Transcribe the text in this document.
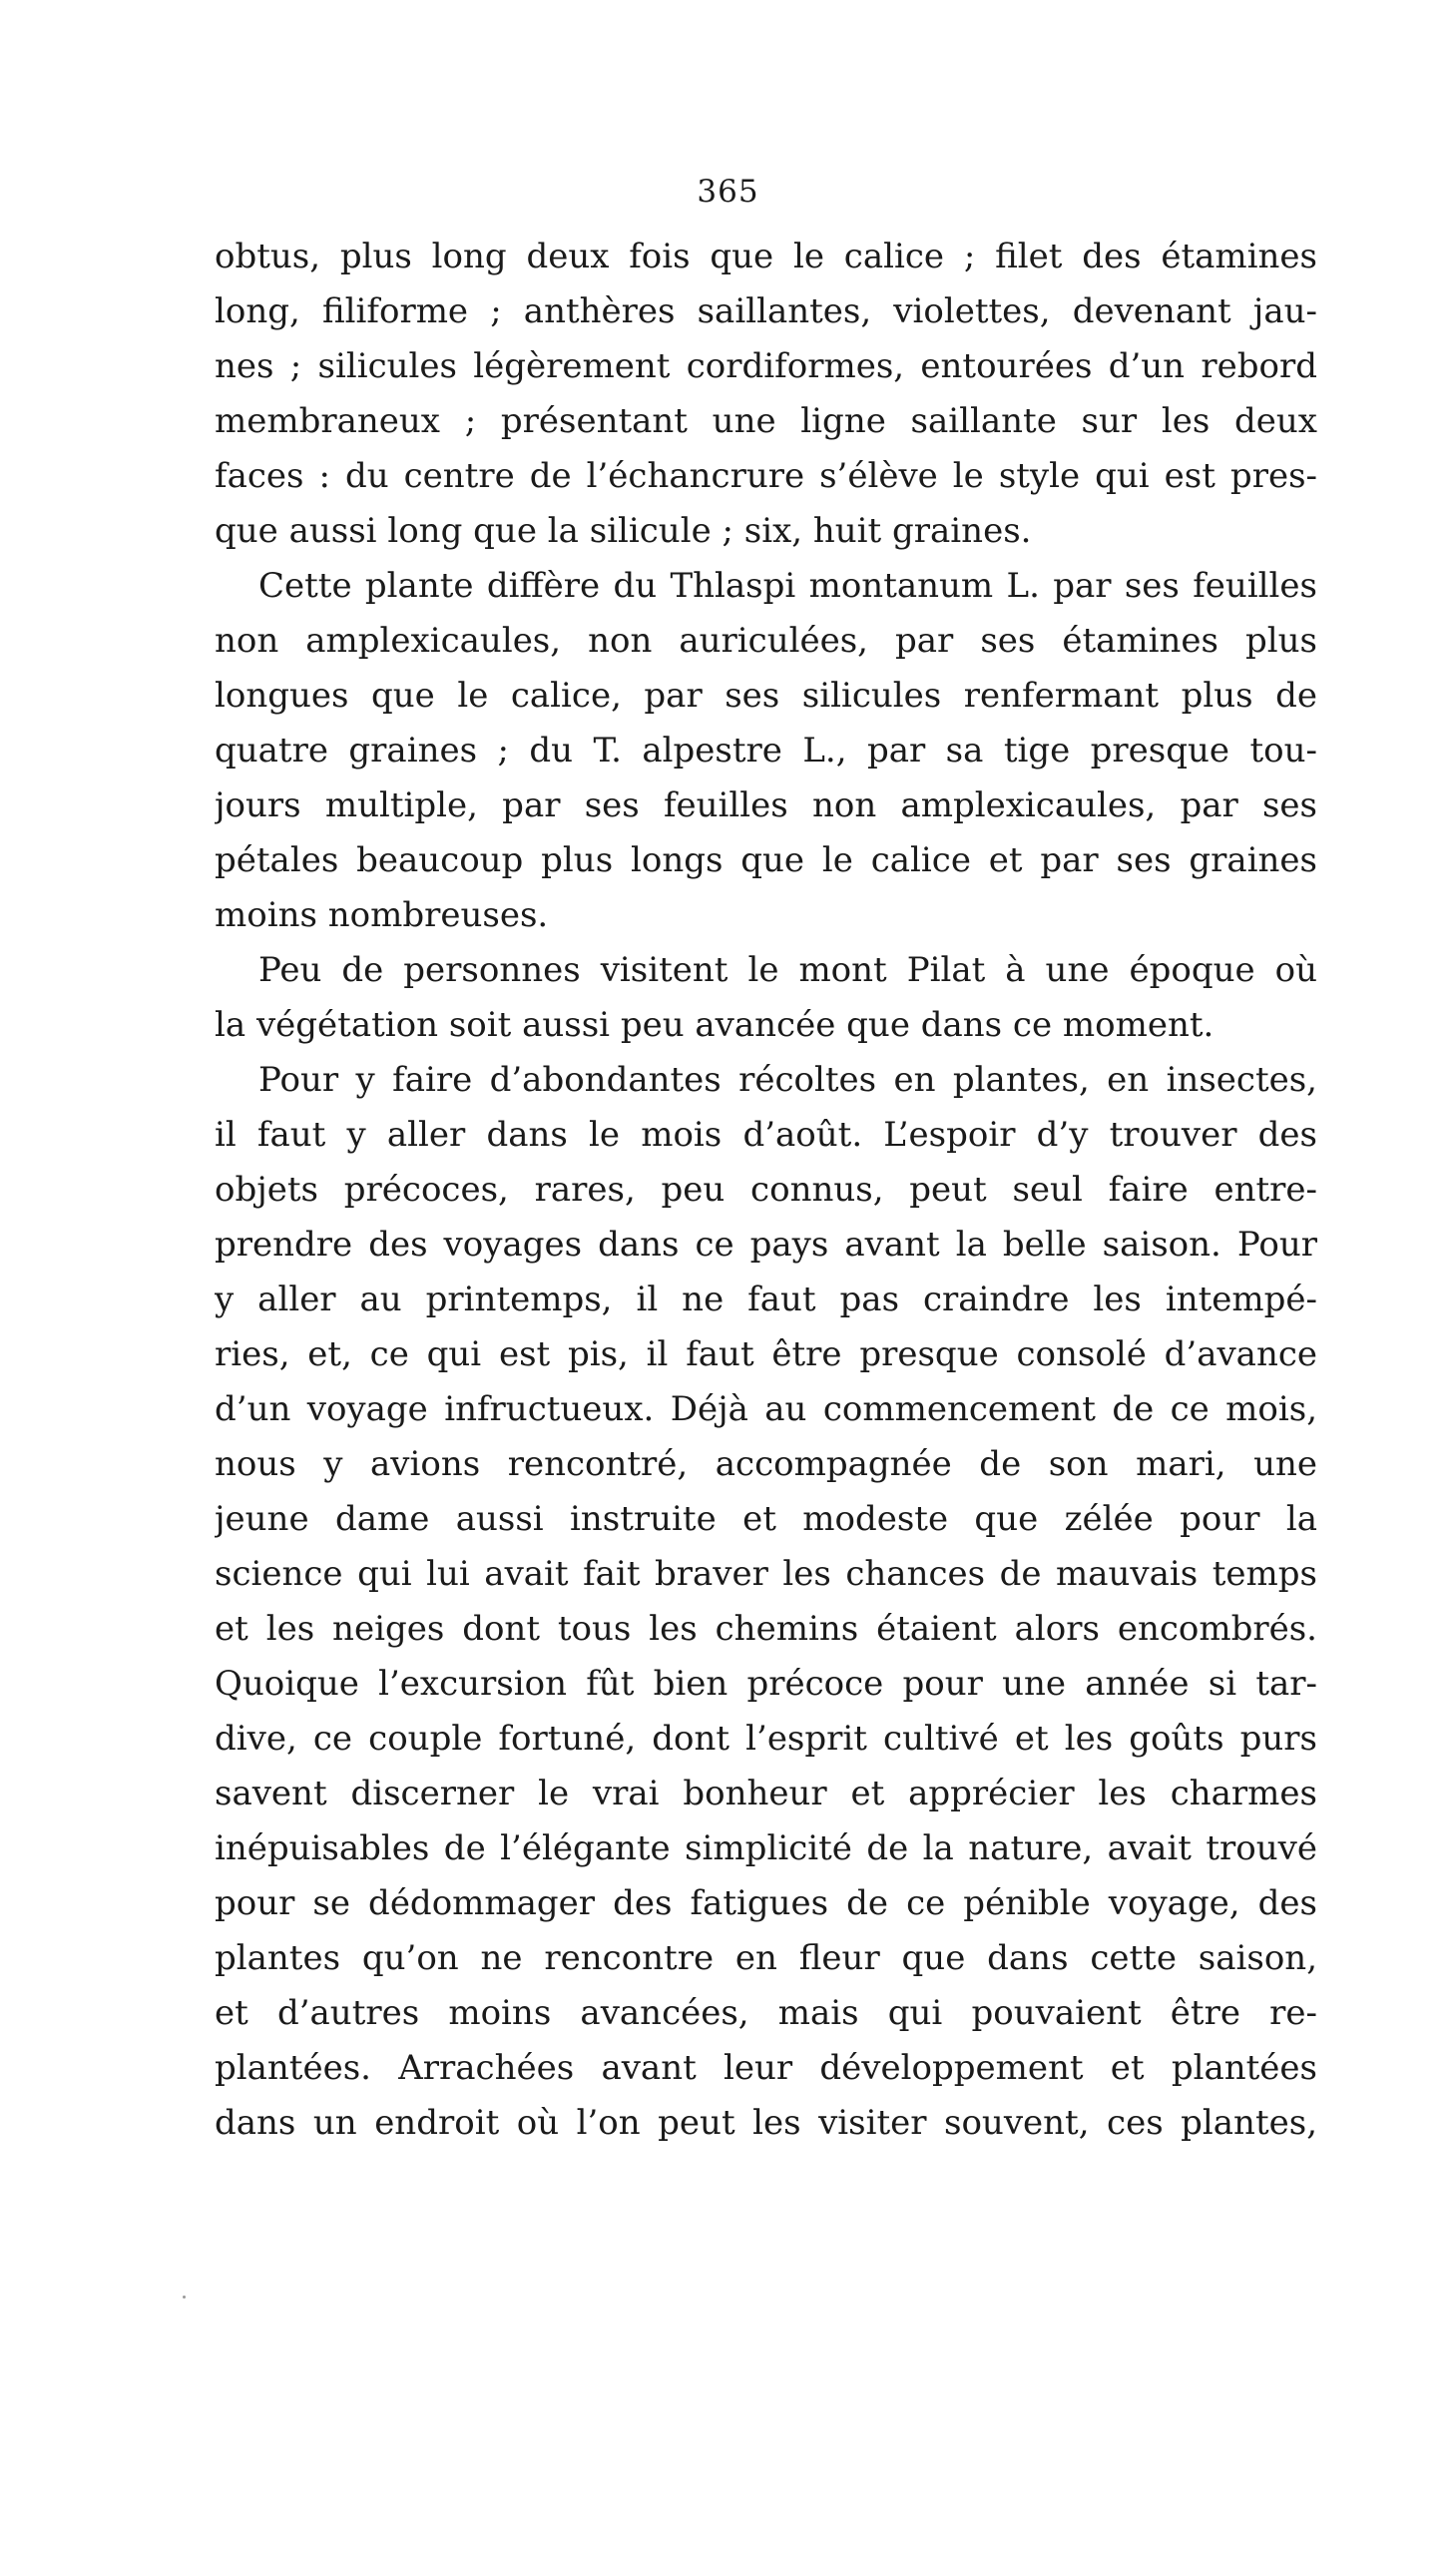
365
obtus, plus long deux fois que le calice ; filet des étamines
long, filiforme ; anthères saillantes, violettes, devenant jau-
nes ; silicules légèrement cordiformes, entourées d’un rebord
membraneux ; présentant une ligne saillante sur les deux
faces : du centre de l’échancrure s’élève le style qui est pres-
que aussi long que la silicule ; six, huit graines.
Cette plante diffère du Thlaspi montanum L. par ses feuilles
non amplexicaules, non auriculées, par ses étamines plus
longues que le calice, par ses silicules renfermant plus de
quatre graines ; du T. alpestre L., par sa tige presque tou-
jours multiple, par ses feuilles non amplexicaules, par ses
pétales beaucoup plus longs que le calice et par ses graines
moins nombreuses.
Peu de personnes visitent le mont Pilat à une époque où
la végétation soit aussi peu avancée que dans ce moment.
Pour y faire d’abondantes récoltes en plantes, en insectes,
il faut y aller dans le mois d’août. L’espoir d’y trouver des
objets précoces, rares, peu connus, peut seul faire entre-
prendre des voyages dans ce pays avant la belle saison. Pour
y aller au printemps, il ne faut pas craindre les intempé-
ries, et, ce qui est pis, il faut être presque consolé d’avance
d’un voyage infructueux. Déjà au commencement de ce mois,
nous y avions rencontré, accompagnée de son mari, une
jeune dame aussi instruite et modeste que zélée pour la
science qui lui avait fait braver les chances de mauvais temps
et les neiges dont tous les chemins étaient alors encombrés.
Quoique l’excursion fût bien précoce pour une année si tar-
dive, ce couple fortuné, dont l’esprit cultivé et les goûts purs
savent discerner le vrai bonheur et apprécier les charmes
inépuisables de l’élégante simplicité de la nature, avait trouvé
pour se dédommager des fatigues de ce pénible voyage, des
plantes qu’on ne rencontre en fleur que dans cette saison,
et d’autres moins avancées, mais qui pouvaient être re-
plantées. Arrachées avant leur développement et plantées
dans un endroit où l’on peut les visiter souvent, ces plantes,
